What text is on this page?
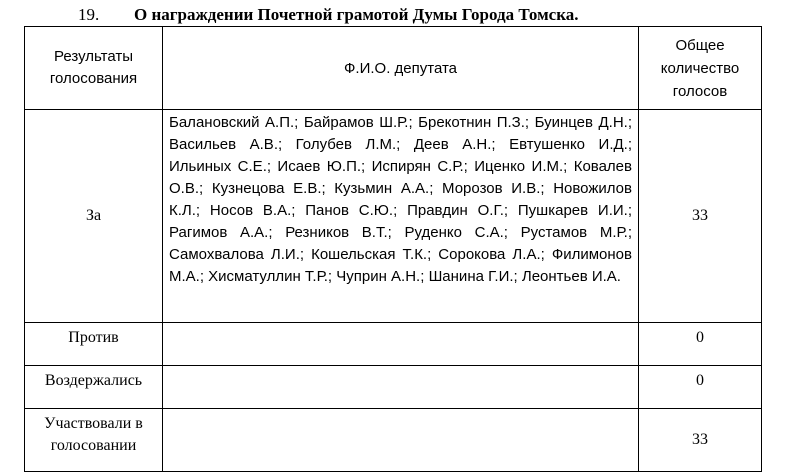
19. О награждении Почетной грамотой Думы Города Томска.
Результаты голосования	Ф.И.О. депутата	Общее количество голосов
За	Балановский А.П.; Байрамов Ш.Р.; Брекотнин П.З.; Буинцев Д.Н.; Васильев А.В.; Голубев Л.М.; Деев А.Н.; Евтушенко И.Д.; Ильиных С.Е.; Исаев Ю.П.; Испирян С.Р.; Иценко И.М.; Ковалев О.В.; Кузнецова Е.В.; Кузьмин А.А.; Морозов И.В.; Новожилов К.Л.; Носов В.А.; Панов С.Ю.; Правдин О.Г.; Пушкарев И.И.; Рагимов А.А.; Резников В.Т.; Руденко С.А.; Рустамов М.Р.; Самохвалова Л.И.; Кошельская Т.К.; Сорокова Л.А.; Филимонов М.А.; Хисматуллин Т.Р.; Чуприн А.Н.; Шанина Г.И.; Леонтьев И.А.	33
Против		0
Воздержались		0
Участвовали в голосовании		33
